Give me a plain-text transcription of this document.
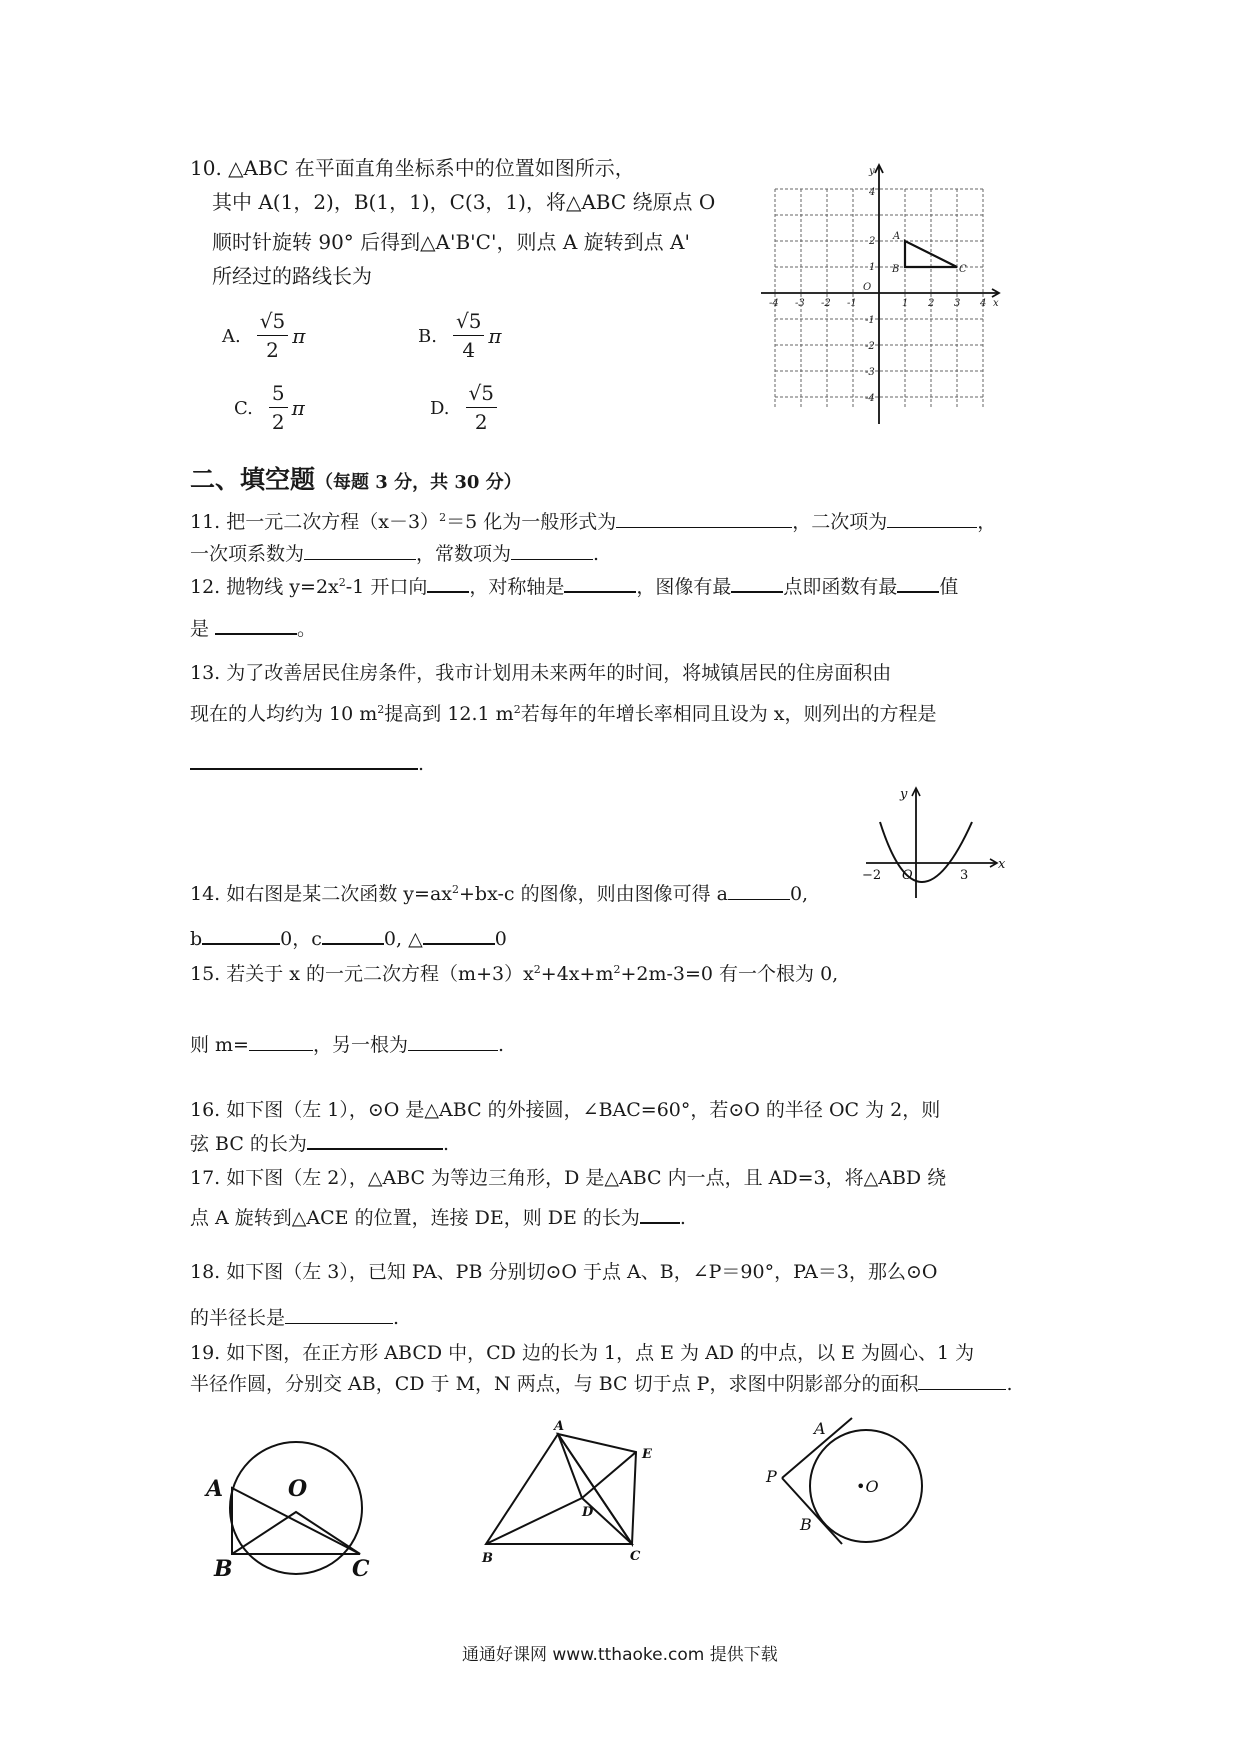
10. △ABC 在平面直角坐标系中的位置如图所示，
其中 A(1，2)，B(1，1)，C(3，1)，将△ABC 绕原点 O
顺时针旋转 90° 后得到△A'B'C'，则点 A 旋转到点 A'
所经过的路线长为
A. $\frac{√5}{2}$ π	B. $\frac{√5}{4}$ π
C. $\frac{5}{2}$ π	D. $\frac{√5}{2}$
-4 -3 -2 -1
O
1 2 3 4 x
y
4
2
1
-1
-2
-3
-4
A
B	C
二、填空题（每题 3 分，共 30 分）
11. 把一元二次方程$(x-3)^2=5$ 化为一般形式为	，二次项为	，
一次项系数为	，常数项为	.
12. 抛物线 $y=2x^2-1$ 开口向 ，对称轴是	，图像有最	点即函数有最 值
是	。
13. 为了改善居民住房条件，我市计划用未来两年的时间，将城镇居民的住房面积由
现在的人均约为 10 $m^2$提高到 12.1 $m^2$若每年的年增长率相同且设为 x，则列出的方程是
.
y
x
O
−2	3
14. 如右图是某二次函数 $y=ax^2+bx-c$ 的图像，则由图像可得 a	0,
b	0，c	0, △	0
15. 若关于 x 的一元二次方程$(m+3)x^2+4x+m^2+2m-3=0$ 有一个根为 0,
则 m=	，另一根为	.
16. 如下图（左 1），⊙O 是△ABC 的外接圆，∠BAC=60°，若⊙O 的半径 OC 为 2，则
弦 BC 的长为	.
17. 如下图（左 2），△ABC 为等边三角形，D 是△ABC 内一点，且 AD=3，将△ABD 绕
点 A 旋转到△ACE 的位置，连接 DE，则 DE 的长为 .
18. 如下图（左 3），已知 PA、PB 分别切⊙O 于点 A、B，∠P＝90°，PA＝3，那么⊙O
的半径长是	.
19. 如下图，在正方形 ABCD 中，CD 边的长为 1，点 E 为 AD 的中点，以 E 为圆心、1 为
半径作圆，分别交 AB，CD 于 M，N 两点，与 BC 切于点 P，求图中阴影部分的面积	.
A	O
B	C
A
E
D
B	C
A
P
B
•O
通通好课网 www.tthaoke.com 提供下载
